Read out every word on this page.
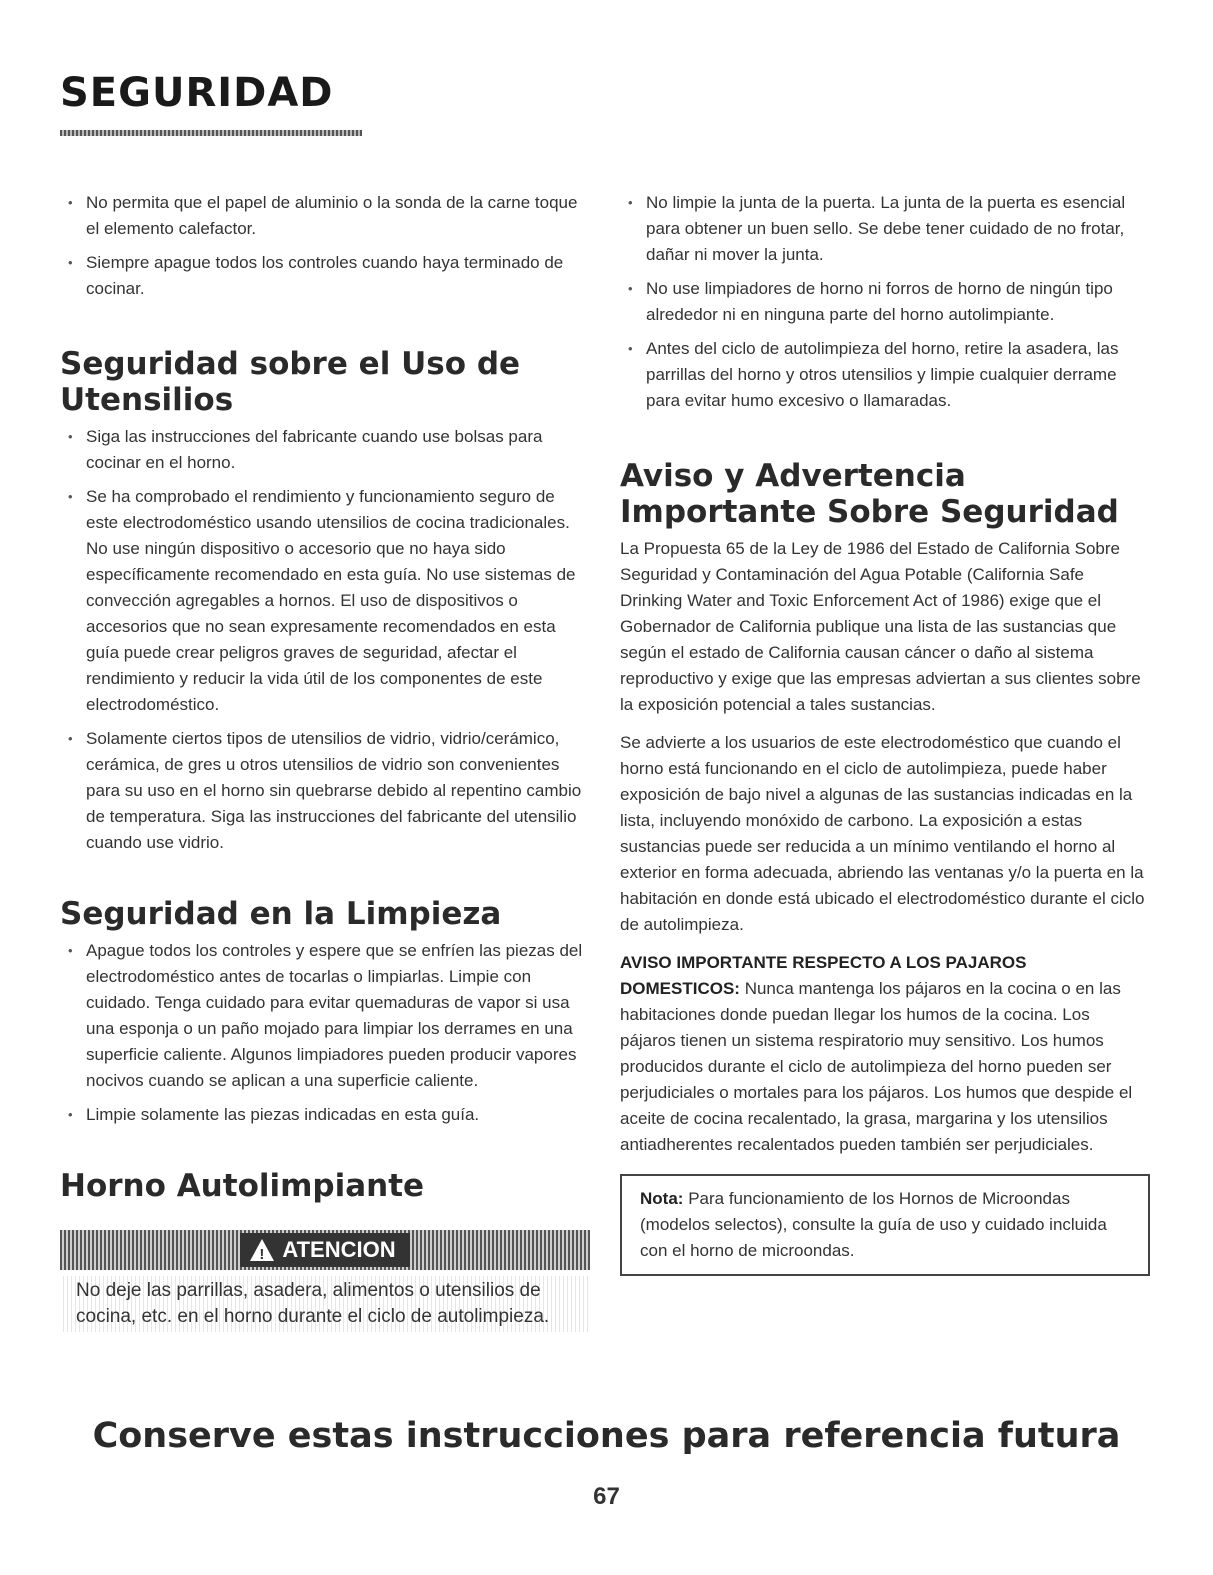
SEGURIDAD
• No permita que el papel de aluminio o la sonda de la carne toque el elemento calefactor.
• Siempre apague todos los controles cuando haya terminado de cocinar.
Seguridad sobre el Uso de Utensilios
• Siga las instrucciones del fabricante cuando use bolsas para cocinar en el horno.
• Se ha comprobado el rendimiento y funcionamiento seguro de este electrodoméstico usando utensilios de cocina tradicionales. No use ningún dispositivo o accesorio que no haya sido específicamente recomendado en esta guía. No use sistemas de convección agregables a hornos. El uso de dispositivos o accesorios que no sean expresamente recomendados en esta guía puede crear peligros graves de seguridad, afectar el rendimiento y reducir la vida útil de los componentes de este electrodoméstico.
• Solamente ciertos tipos de utensilios de vidrio, vidrio/cerámico, cerámica, de gres u otros utensilios de vidrio son convenientes para su uso en el horno sin quebrarse debido al repentino cambio de temperatura. Siga las instrucciones del fabricante del utensilio cuando use vidrio.
Seguridad en la Limpieza
• Apague todos los controles y espere que se enfríen las piezas del electrodoméstico antes de tocarlas o limpiarlas. Limpie con cuidado. Tenga cuidado para evitar quemaduras de vapor si usa una esponja o un paño mojado para limpiar los derrames en una superficie caliente. Algunos limpiadores pueden producir vapores nocivos cuando se aplican a una superficie caliente.
• Limpie solamente las piezas indicadas en esta guía.
Horno Autolimpiante
! ATENCION
No deje las parrillas, asadera, alimentos o utensilios de cocina, etc. en el horno durante el ciclo de autolimpieza.
• No limpie la junta de la puerta. La junta de la puerta es esencial para obtener un buen sello. Se debe tener cuidado de no frotar, dañar ni mover la junta.
• No use limpiadores de horno ni forros de horno de ningún tipo alrededor ni en ninguna parte del horno autolimpiante.
• Antes del ciclo de autolimpieza del horno, retire la asadera, las parrillas del horno y otros utensilios y limpie cualquier derrame para evitar humo excesivo o llamaradas.
Aviso y Advertencia Importante Sobre Seguridad

La Propuesta 65 de la Ley de 1986 del Estado de California Sobre Seguridad y Contaminación del Agua Potable (California Safe Drinking Water and Toxic Enforcement Act of 1986) exige que el Gobernador de California publique una lista de las sustancias que según el estado de California causan cáncer o daño al sistema reproductivo y exige que las empresas adviertan a sus clientes sobre la exposición potencial a tales sustancias.

Se advierte a los usuarios de este electrodoméstico que cuando el horno está funcionando en el ciclo de autolimpieza, puede haber exposición de bajo nivel a algunas de las sustancias indicadas en la lista, incluyendo monóxido de carbono. La exposición a estas sustancias puede ser reducida a un mínimo ventilando el horno al exterior en forma adecuada, abriendo las ventanas y/o la puerta en la habitación en donde está ubicado el electrodoméstico durante el ciclo de autolimpieza.

AVISO IMPORTANTE RESPECTO A LOS PAJAROS DOMESTICOS: Nunca mantenga los pájaros en la cocina o en las habitaciones donde puedan llegar los humos de la cocina. Los pájaros tienen un sistema respiratorio muy sensitivo. Los humos producidos durante el ciclo de autolimpieza del horno pueden ser perjudiciales o mortales para los pájaros. Los humos que despide el aceite de cocina recalentado, la grasa, margarina y los utensilios antiadherentes recalentados pueden también ser perjudiciales.

Nota: Para funcionamiento de los Hornos de Microondas (modelos selectos), consulte la guía de uso y cuidado incluida con el horno de microondas.
Conserve estas instrucciones para referencia futura
67
